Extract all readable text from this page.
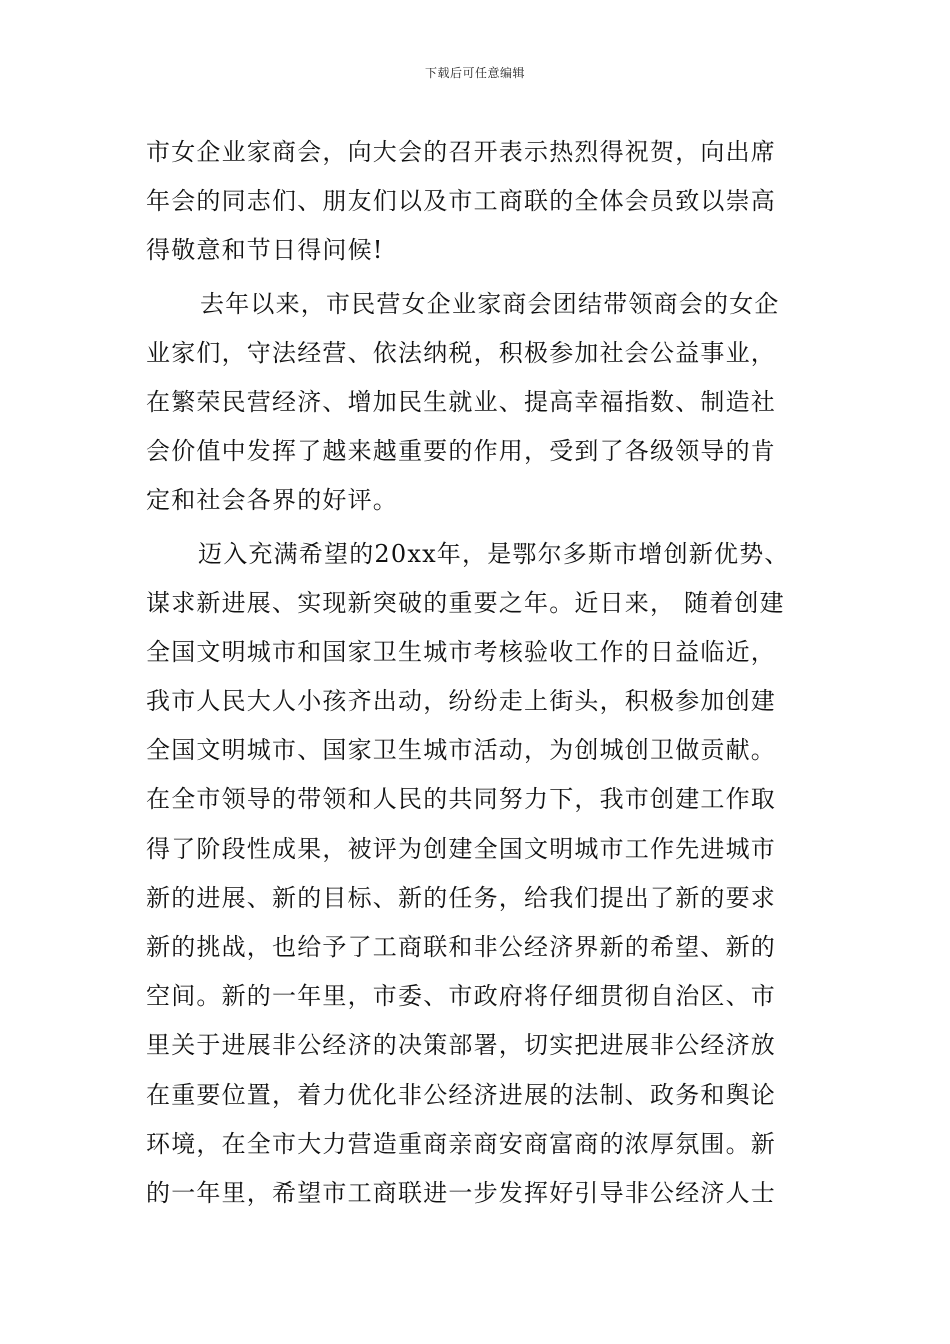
下载后可任意编辑
市女企业家商会，向大会的召开表示热烈得祝贺，向出席
年会的同志们、朋友们以及市工商联的全体会员致以崇高
得敬意和节日得问候!
去年以来，市民营女企业家商会团结带领商会的女企
业家们，守法经营、依法纳税，积极参加社会公益事业，
在繁荣民营经济、增加民生就业、提高幸福指数、制造社
会价值中发挥了越来越重要的作用，受到了各级领导的肯
定和社会各界的好评。
迈入充满希望的20xx年，是鄂尔多斯市增创新优势、
谋求新进展、实现新突破的重要之年。近日来， 随着创建
全国文明城市和国家卫生城市考核验收工作的日益临近，
我市人民大人小孩齐出动，纷纷走上街头，积极参加创建
全国文明城市、国家卫生城市活动，为创城创卫做贡献。
在全市领导的带领和人民的共同努力下，我市创建工作取
得了阶段性成果，被评为创建全国文明城市工作先进城市
新的进展、新的目标、新的任务，给我们提出了新的要求
新的挑战，也给予了工商联和非公经济界新的希望、新的
空间。新的一年里，市委、市政府将仔细贯彻自治区、市
里关于进展非公经济的决策部署，切实把进展非公经济放
在重要位置，着力优化非公经济进展的法制、政务和舆论
环境，在全市大力营造重商亲商安商富商的浓厚氛围。新
的一年里，希望市工商联进一步发挥好引导非公经济人士
